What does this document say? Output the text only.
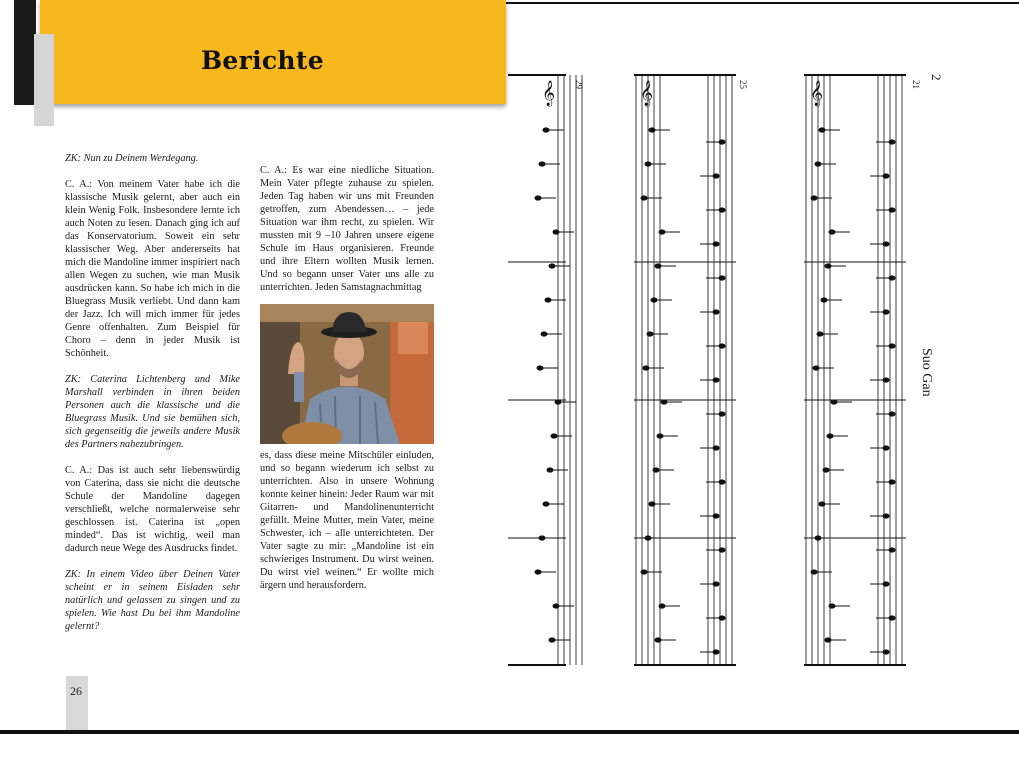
Berichte

ZK: Nun zu Deinem Werdegang.

C. A.: Von meinem Vater habe ich die klassische Musik gelernt, aber auch ein klein Wenig Folk. Insbesondere lernte ich auch Noten zu lesen. Danach ging ich auf das Konservatorium. Soweit ein sehr klassischer Weg. Aber andererseits hat mich die Mandoline immer inspiriert nach allen Wegen zu suchen, wie man Musik ausdrücken kann. So habe ich mich in die Bluegrass Musik verliebt. Und dann kam der Jazz. Ich will mich immer für jedes Genre offenhalten. Zum Beispiel für Choro – denn in jeder Musik ist Schönheit.

ZK: Caterina Lichtenberg und Mike Marshall verbinden in ihren beiden Personen auch die klassische und die Bluegrass Musik. Und sie bemühen sich, sich gegenseitig die jeweils andere Musik des Partners nahezubringen.

C. A.: Das ist auch sehr liebenswürdig von Caterina, dass sie nicht die deutsche Schule der Mandoline dagegen verschließt, welche normalerweise sehr geschlossen ist. Caterina ist „open minded“. Das ist wichtig, weil man dadurch neue Wege des Ausdrucks findet.

ZK: In einem Video über Deinen Vater scheint er in seinem Eisladen sehr natürlich und gelassen zu singen und zu spielen. Wie hast Du bei ihm Mandoline gelernt?

C. A.: Es war eine niedliche Situation. Mein Vater pflegte zuhause zu spielen. Jeden Tag haben wir uns mit Freunden getroffen, zum Abendessen… – jede Situation war ihm recht, zu spielen. Wir mussten mit 9 –10 Jahren unsere eigene Schule im Haus organisieren. Freunde und ihre Eltern wollten Musik lernen. Und so begann unser Vater uns alle zu unterrichten. Jeden Samstagnachmittag

es, dass diese meine Mitschüler einluden, und so begann wiederum ich selbst zu unterrichten. Also in unsere Wohnung konnte keiner hinein: Jeder Raum war mit Gitarren- und Mandolinenunterricht gefüllt. Meine Mutter, mein Vater, meine Schwester, ich – alle unterrichteten. Der Vater sagte zu mir: „Mandoline ist ein schwieriges Instrument. Du wirst weinen. Du wirst viel weinen.“ Er wollte mich ärgern und herausfordern.

26
𝄞	𝄞	𝄞
Suo Gan
2
21
25
29
